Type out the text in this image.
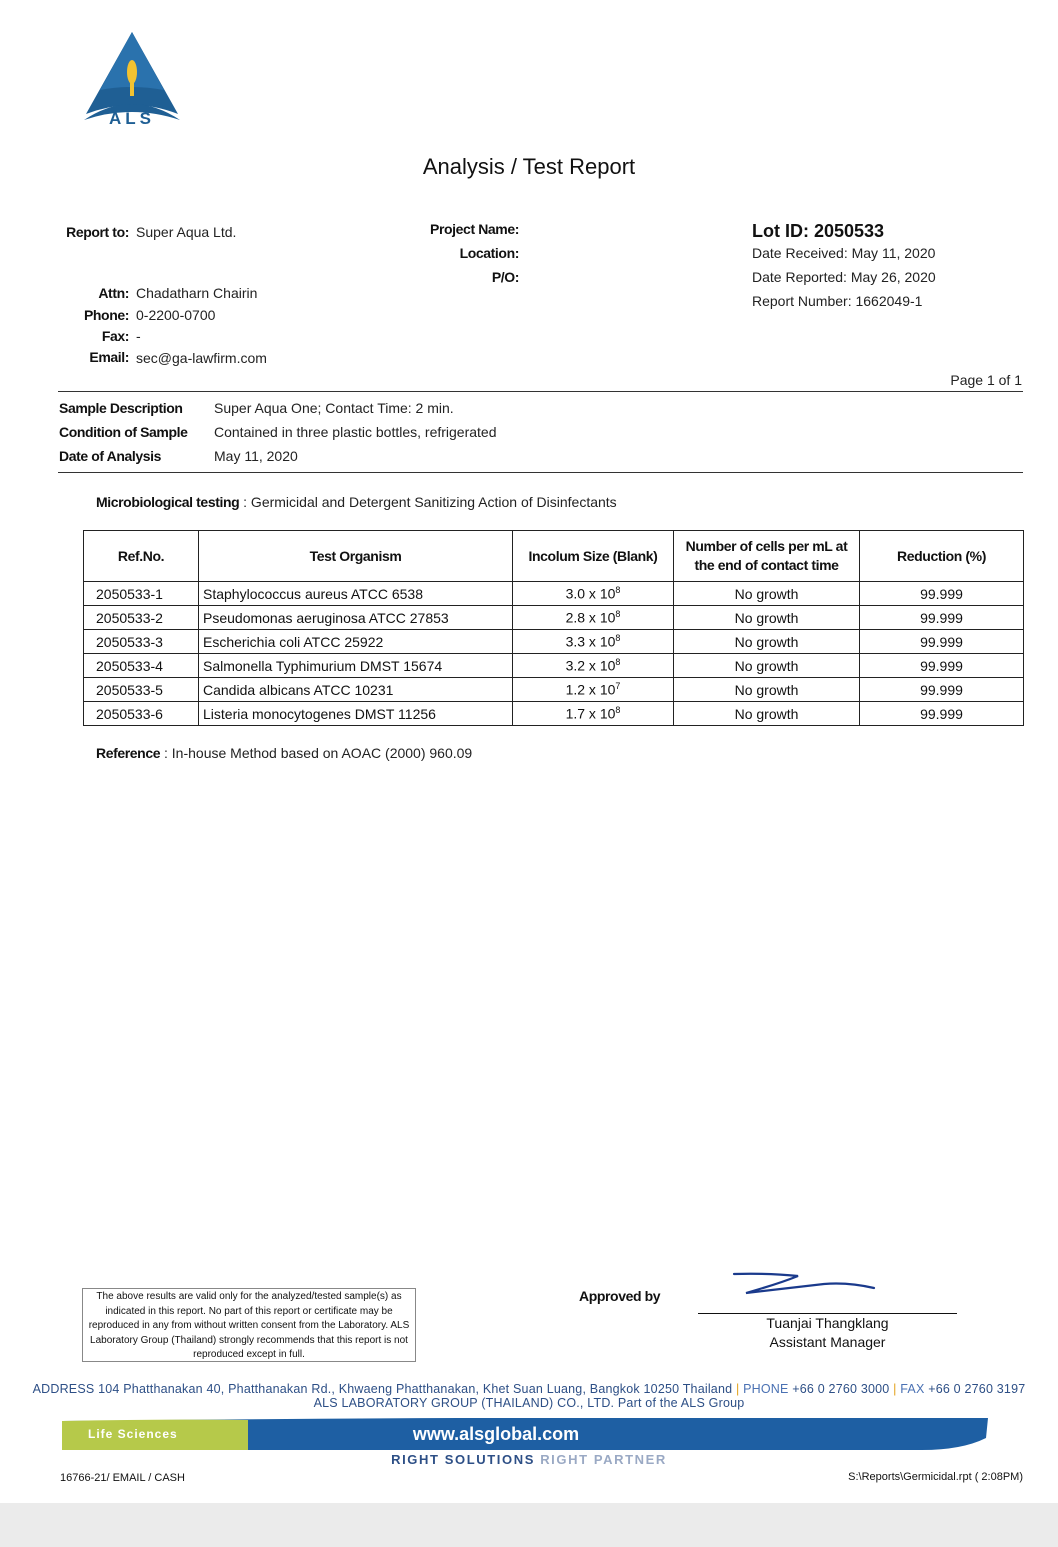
ALS
Analysis / Test Report
Report to: Super Aqua Ltd.
Attn: Chadatharn Chairin
Phone: 0-2200-0700
Fax: -
Email: sec@ga-lawfirm.com
Project Name:
Location:
P/O:
Lot ID: 2050533
Date Received: May 11, 2020
Date Reported: May 26, 2020
Report Number: 1662049-1
Page 1 of 1
Sample Description Super Aqua One; Contact Time: 2 min.
Condition of Sample Contained in three plastic bottles, refrigerated
Date of Analysis	May 11, 2020
Microbiological testing : Germicidal and Detergent Sanitizing Action of Disinfectants
Ref.No.	Test Organism	Incolum Size (Blank)	Number of cells per mL at the end of contact time	Reduction (%)
2050533-1	Staphylococcus aureus ATCC 6538	3.0 x $10^8$	No growth	99.999
2050533-2	Pseudomonas aeruginosa ATCC 27853	2.8 x $10^8$	No growth	99.999
2050533-3	Escherichia coli ATCC 25922	3.3 x $10^8$	No growth	99.999
2050533-4	Salmonella Typhimurium DMST 15674	3.2 x $10^8$	No growth	99.999
2050533-5	Candida albicans ATCC 10231	1.2 x $10^7$	No growth	99.999
2050533-6	Listeria monocytogenes DMST 11256	1.7 x $10^8$	No growth	99.999
Reference : In-house Method based on AOAC (2000) 960.09
The above results are valid only for the analyzed/tested sample(s) as indicated in this report. No part of this report or certificate may be reproduced in any from without written consent from the Laboratory. ALS Laboratory Group (Thailand) strongly recommends that this report is not reproduced except in full.
Approved by
Tuanjai Thangklang
Assistant Manager
ADDRESS 104 Phatthanakan 40, Phatthanakan Rd., Khwaeng Phatthanakan, Khet Suan Luang, Bangkok 10250 Thailand | PHONE +66 0 2760 3000 | FAX +66 0 2760 3197
ALS LABORATORY GROUP (THAILAND) CO., LTD. Part of the ALS Group
Life Sciences	www.alsglobal.com
RIGHT SOLUTIONS RIGHT PARTNER
16766-21/ EMAIL / CASH	S:\Reports\Germicidal.rpt ( 2:08PM)
